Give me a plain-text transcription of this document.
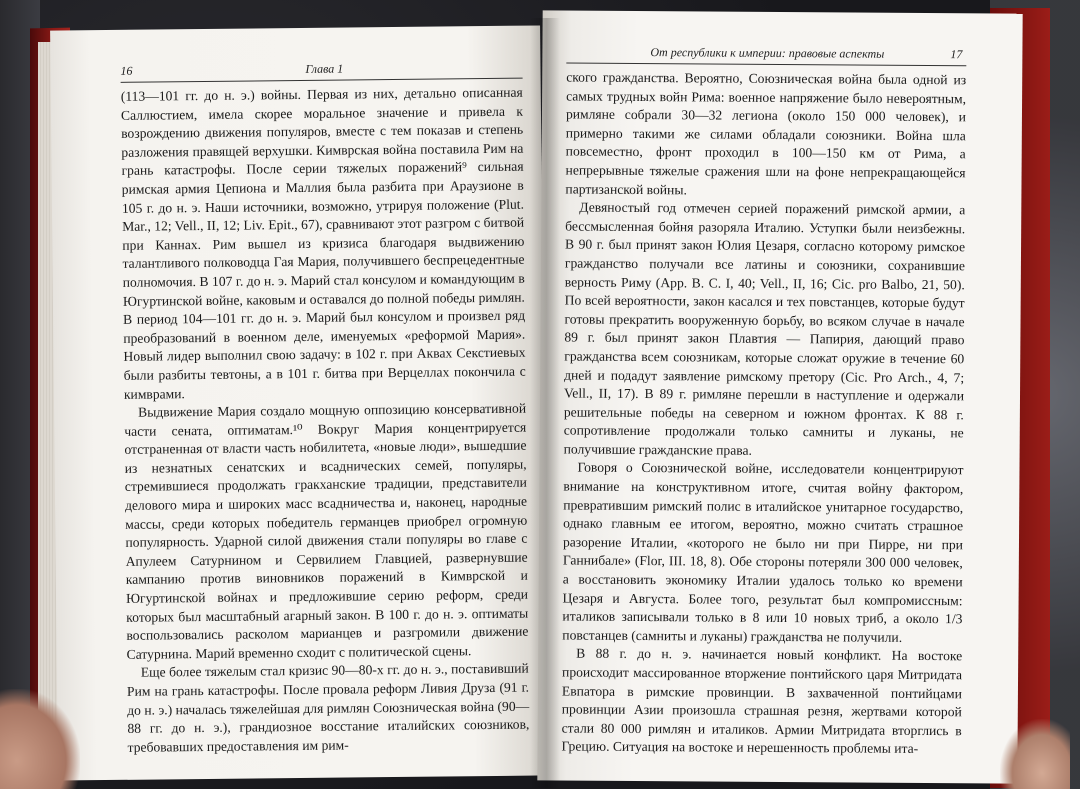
16	Глава 1

(113—101 гг. до н. э.) войны. Первая из них, детально описанная Саллюстием, имела скорее моральное значение и привела к возрождению движения популяров, вместе с тем показав и степень разложения правящей верхушки. Кимврская война поставила Рим на грань катастрофы. После серии тяжелых поражений⁹ сильная римская армия Цепиона и Маллия была разбита при Араузионе в 105 г. до н. э. Наши источники, возможно, утрируя положение (Plut. Mar., 12; Vell., II, 12; Liv. Epit., 67), сравнивают этот разгром с битвой при Каннах. Рим вышел из кризиса благодаря выдвижению талантливого полководца Гая Мария, получившего беспрецедентные полномочия. В 107 г. до н. э. Марий стал консулом и командующим в Югуртинской войне, каковым и оставался до полной победы римлян. В период 104—101 гг. до н. э. Марий был консулом и произвел ряд преобразований в военном деле, именуемых «реформой Мария». Новый лидер выполнил свою задачу: в 102 г. при Аквах Секстиевых были разбиты тевтоны, а в 101 г. битва при Верцеллах покончила с кимврами.

Выдвижение Мария создало мощную оппозицию консервативной части сената, оптиматам.¹⁰ Вокруг Мария концентрируется отстраненная от власти часть нобилитета, «новые люди», вышедшие из незнатных сенатских и всаднических семей, популяры, стремившиеся продолжать гракханские традиции, представители делового мира и широких масс всадничества и, наконец, народные массы, среди которых победитель германцев приобрел огромную популярность. Ударной силой движения стали популяры во главе с Апулеем Сатурнином и Сервилием Главцией, развернувшие кампанию против виновников поражений в Кимврской и Югуртинской войнах и предложившие серию реформ, среди которых был масштабный агарный закон. В 100 г. до н. э. оптиматы воспользовались расколом марианцев и разгромили движение Сатурнина. Марий временно сходит с политической сцены.

Еще более тяжелым стал кризис 90—80-х гг. до н. э., поставивший Рим на грань катастрофы. После провала реформ Ливия Друза (91 г. до н. э.) началась тяжелейшая для римлян Союзническая война (90—88 гг. до н. э.), грандиозное восстание италийских союзников, требовавших предоставления им рим-

От республики к империи: правовые аспекты	17

ского гражданства. Вероятно, Союзническая война была одной из самых трудных войн Рима: военное напряжение было невероятным, римляне собрали 30—32 легиона (около 150 000 человек), и примерно такими же силами обладали союзники. Война шла повсеместно, фронт проходил в 100—150 км от Рима, а непрерывные тяжелые сражения шли на фоне непрекращающейся партизанской войны.

Девяностый год отмечен серией поражений римской армии, а бессмысленная бойня разоряла Италию. Уступки были неизбежны. В 90 г. был принят закон Юлия Цезаря, согласно которому римское гражданство получали все латины и союзники, сохранившие верность Риму (App. B. C. I, 40; Vell., II, 16; Cic. pro Balbo, 21, 50). По всей вероятности, закон касался и тех повстанцев, которые будут готовы прекратить вооруженную борьбу, во всяком случае в начале 89 г. был принят закон Плавтия — Папирия, дающий право гражданства всем союзникам, которые сложат оружие в течение 60 дней и подадут заявление римскому претору (Cic. Pro Arch., 4, 7; Vell., II, 17). В 89 г. римляне перешли в наступление и одержали решительные победы на северном и южном фронтах. К 88 г. сопротивление продолжали только самниты и луканы, не получившие гражданские права.

Говоря о Союзнической войне, исследователи концентрируют внимание на конструктивном итоге, считая войну фактором, превратившим римский полис в италийское унитарное государство, однако главным ее итогом, вероятно, можно считать страшное разорение Италии, «которого не было ни при Пирре, ни при Ганнибале» (Flor, III. 18, 8). Обе стороны потеряли 300 000 человек, а восстановить экономику Италии удалось только ко времени Цезаря и Августа. Более того, результат был компромиссным: италиков записывали только в 8 или 10 новых триб, а около 1/3 повстанцев (самниты и луканы) гражданства не получили.

В 88 г. до н. э. начинается новый конфликт. На востоке происходит массированное вторжение понтийского царя Митридата Евпатора в римские провинции. В захваченной понтийцами провинции Азии произошла страшная резня, жертвами которой стали 80 000 римлян и италиков. Армии Митридата вторглись в Грецию. Ситуация на востоке и нерешенность проблемы ита-
